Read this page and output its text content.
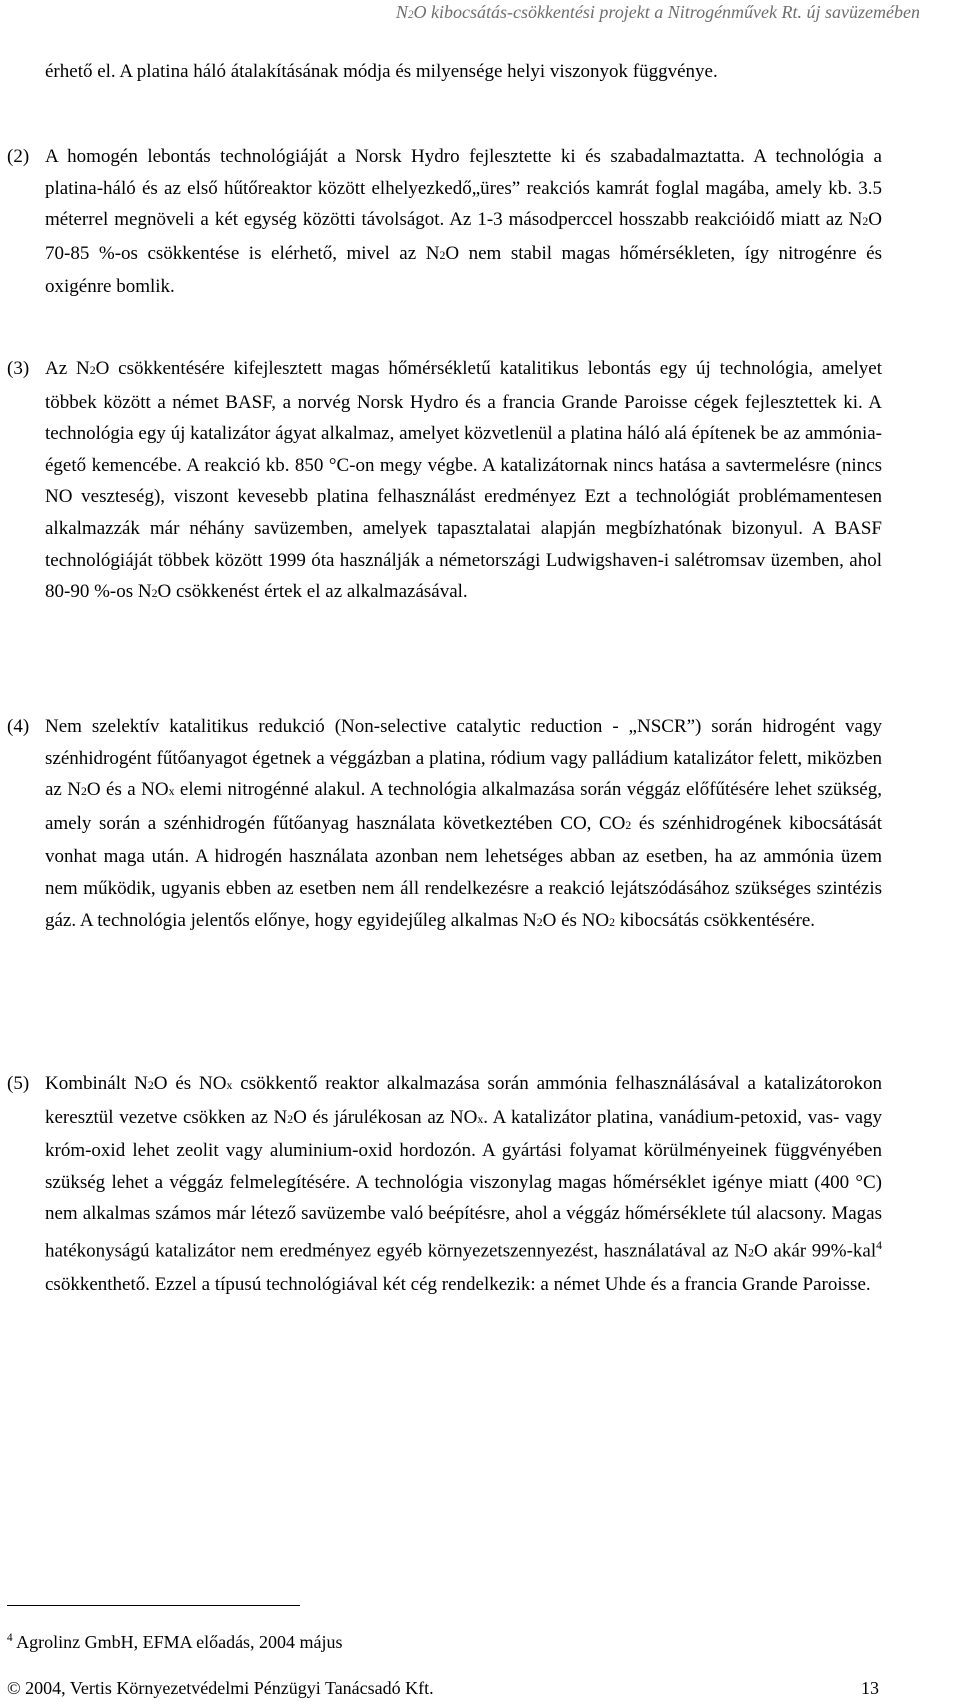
N2O kibocsátás-csökkentési projekt a Nitrogénművek Rt. új savüzemében
érhető el. A platina háló átalakításának módja és milyensége helyi viszonyok függvénye.
(2) A homogén lebontás technológiáját a Norsk Hydro fejlesztette ki és szabadalmaztatta. A technológia a platina-háló és az első hűtőreaktor között elhelyezkedő„üres” reakciós kamrát foglal magába, amely kb. 3.5 méterrel megnöveli a két egység közötti távolságot. Az 1-3 másodperccel hosszabb reakcióidő miatt az N2O 70-85 %-os csökkentése is elérhető, mivel az N2O nem stabil magas hőmérsékleten, így nitrogénre és oxigénre bomlik.
(3) Az N2O csökkentésére kifejlesztett magas hőmérsékletű katalitikus lebontás egy új technológia, amelyet többek között a német BASF, a norvég Norsk Hydro és a francia Grande Paroisse cégek fejlesztettek ki. A technológia egy új katalizátor ágyat alkalmaz, amelyet közvetlenül a platina háló alá építenek be az ammónia-égető kemencébe. A reakció kb. 850 °C-on megy végbe. A katalizátornak nincs hatása a savtermelésre (nincs NO veszteség), viszont kevesebb platina felhasználást eredményez Ezt a technológiát problémamentesen alkalmazzák már néhány savüzemben, amelyek tapasztalatai alapján megbízhatónak bizonyul. A BASF technológiáját többek között 1999 óta használják a németországi Ludwigshaven-i salétromsav üzemben, ahol 80-90 %-os N2O csökkenést értek el az alkalmazásával.
(4) Nem szelektív katalitikus redukció (Non-selective catalytic reduction - „NSCR”) során hidrogént vagy szénhidrogént fűtőanyagot égetnek a véggázban a platina, ródium vagy palládium katalizátor felett, miközben az N2O és a NOx elemi nitrogénné alakul. A technológia alkalmazása során véggáz előfűtésére lehet szükség, amely során a szénhidrogén fűtőanyag használata következtében CO, CO2 és szénhidrogének kibocsátását vonhat maga után. A hidrogén használata azonban nem lehetséges abban az esetben, ha az ammónia üzem nem működik, ugyanis ebben az esetben nem áll rendelkezésre a reakció lejátszódásához szükséges szintézis gáz. A technológia jelentős előnye, hogy egyidejűleg alkalmas N2O és NO2 kibocsátás csökkentésére.
(5) Kombinált N2O és NOx csökkentő reaktor alkalmazása során ammónia felhasználásával a katalizátorokon keresztül vezetve csökken az N2O és járulékosan az NOx. A katalizátor platina, vanádium-petoxid, vas- vagy króm-oxid lehet zeolit vagy aluminium-oxid hordozón. A gyártási folyamat körülményeinek függvényében szükség lehet a véggáz felmelegítésére. A technológia viszonylag magas hőmérséklet igénye miatt (400 °C) nem alkalmas számos már létező savüzembe való beépítésre, ahol a véggáz hőmérséklete túl alacsony. Magas hatékonyságú katalizátor nem eredményez egyéb környezetszennyezést, használatával az N2O akár 99%-kal$^4$ csökkenthető. Ezzel a típusú technológiával két cég rendelkezik: a német Uhde és a francia Grande Paroisse.
$^4$ Agrolinz GmbH, EFMA előadás, 2004 május
© 2004, Vertis Környezetvédelmi Pénzügyi Tanácsadó Kft.	13
